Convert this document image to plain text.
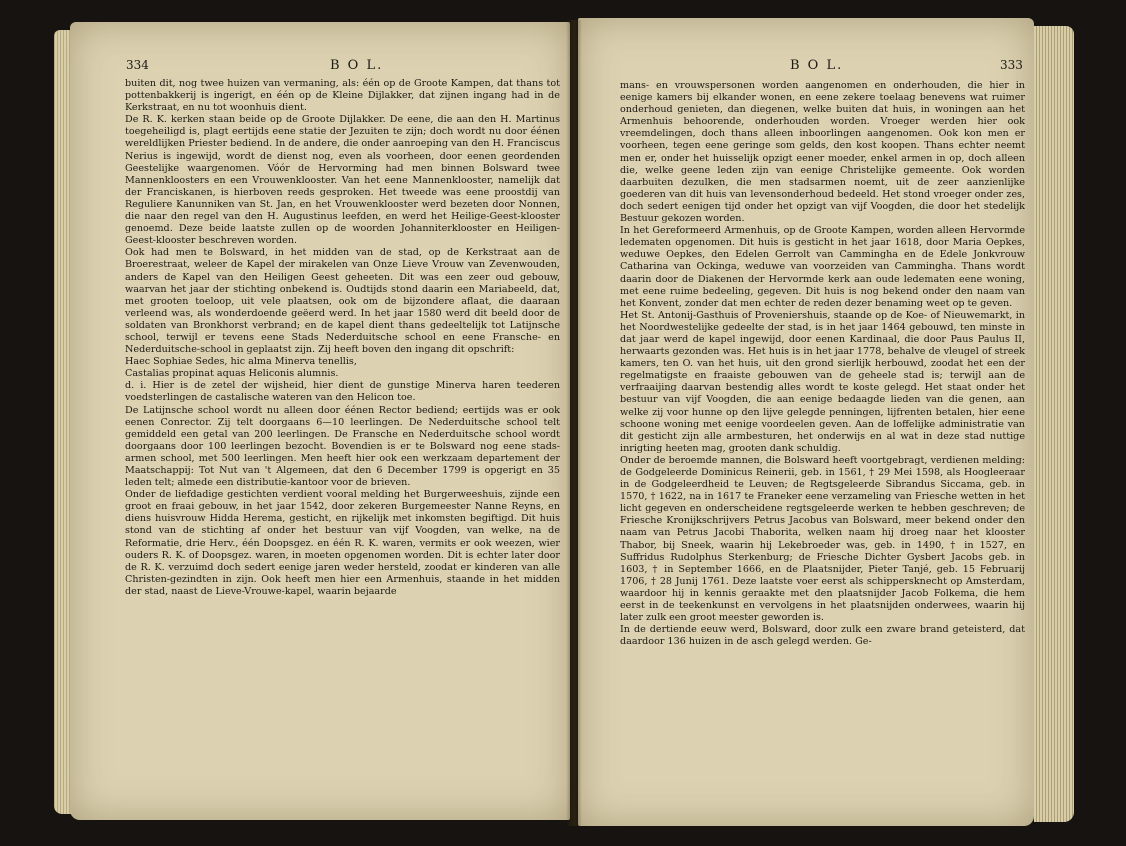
334	B O L.
buiten dit, nog twee huizen van vermaning, als: één op de Groote Kampen, dat thans tot pottenbakkerij is ingerigt, en één op de Kleine Dijlakker, dat zijnen ingang had in de Kerkstraat, en nu tot woonhuis dient.
De R. K. kerken staan beide op de Groote Dijlakker. De eene, die aan den H. Martinus toegeheiligd is, plagt eertijds eene statie der Jezuiten te zijn; doch wordt nu door éénen wereldlijken Priester bediend. In de andere, die onder aanroeping van den H. Franciscus Nerius is ingewijd, wordt de dienst nog, even als voorheen, door eenen geordenden Geestelijke waargenomen. Vóór de Hervorming had men binnen Bolsward twee Mannenkloosters en een Vrouwenklooster. Van het eene Mannenklooster, namelijk dat der Franciskanen, is hierboven reeds gesproken. Het tweede was eene proostdij van Reguliere Kanunniken van St. Jan, en het Vrouwenklooster werd bezeten door Nonnen, die naar den regel van den H. Augustinus leefden, en werd het Heilige-Geest-klooster genoemd. Deze beide laatste zullen op de woorden Johanniterklooster en Heiligen-Geest-klooster beschreven worden.
Ook had men te Bolsward, in het midden van de stad, op de Kerkstraat aan de Broerestraat, weleer de Kapel der mirakelen van Onze Lieve Vrouw van Zevenwouden, anders de Kapel van den Heiligen Geest geheeten. Dit was een zeer oud gebouw, waarvan het jaar der stichting onbekend is. Oudtijds stond daarin een Mariabeeld, dat, met grooten toeloop, uit vele plaatsen, ook om de bijzondere aflaat, die daaraan verleend was, als wonderdoende geëerd werd. In het jaar 1580 werd dit beeld door de soldaten van Bronkhorst verbrand; en de kapel dient thans gedeeltelijk tot Latijnsche school, terwijl er tevens eene Stads Nederduitsche school en eene Fransche- en Nederduitsche-school in geplaatst zijn. Zij heeft boven den ingang dit opschrift:
Haec Sophiae Sedes, hic alma Minerva tenellis,
Castalias propinat aquas Heliconis alumnis.
d. i. Hier is de zetel der wijsheid, hier dient de gunstige Minerva haren teederen voedsterlingen de castalische wateren van den Helicon toe.
De Latijnsche school wordt nu alleen door éénen Rector bediend; eertijds was er ook eenen Conrector. Zij telt doorgaans 6—10 leerlingen. De Nederduitsche school telt gemiddeld een getal van 200 leerlingen. De Fransche en Nederduitsche school wordt doorgaans door 100 leerlingen bezocht. Bovendien is er te Bolsward nog eene stads-armen school, met 500 leerlingen. Men heeft hier ook een werkzaam departement der Maatschappij: Tot Nut van 't Algemeen, dat den 6 December 1799 is opgerigt en 35 leden telt; almede een distributie-kantoor voor de brieven.
Onder de liefdadige gestichten verdient vooral melding het Burgerweeshuis, zijnde een groot en fraai gebouw, in het jaar 1542, door zekeren Burgemeester Nanne Reyns, en diens huisvrouw Hidda Herema, gesticht, en rijkelijk met inkomsten begiftigd. Dit huis stond van de stichting af onder het bestuur van vijf Voogden, van welke, na de Reformatie, drie Herv., één Doopsgez. en één R. K. waren, vermits er ook weezen, wier ouders R. K. of Doopsgez. waren, in moeten opgenomen worden. Dit is echter later door de R. K. verzuimd doch sedert eenige jaren weder hersteld, zoodat er kinderen van alle Christen-gezindten in zijn. Ook heeft men hier een Armenhuis, staande in het midden der stad, naast de Lieve-Vrouwe-kapel, waarin bejaarde
B O L.	333
mans- en vrouwspersonen worden aangenomen en onderhouden, die hier in eenige kamers bij elkander wonen, en eene zekere toelaag benevens wat ruimer onderhoud genieten, dan diegenen, welke buiten dat huis, in woningen aan het Armenhuis behoorende, onderhouden worden. Vroeger werden hier ook vreemdelingen, doch thans alleen inboorlingen aangenomen. Ook kon men er voorheen, tegen eene geringe som gelds, den kost koopen. Thans echter neemt men er, onder het huisselijk opzigt eener moeder, enkel armen in op, doch alleen die, welke geene leden zijn van eenige Christelijke gemeente. Ook worden daarbuiten dezulken, die men stadsarmen noemt, uit de zeer aanzienlijke goederen van dit huis van levensonderhoud bedeeld. Het stond vroeger onder zes, doch sedert eenigen tijd onder het opzigt van vijf Voogden, die door het stedelijk Bestuur gekozen worden.
In het Gereformeerd Armenhuis, op de Groote Kampen, worden alleen Hervormde ledematen opgenomen. Dit huis is gesticht in het jaar 1618, door Maria Oepkes, weduwe Oepkes, den Edelen Gerrolt van Cammingha en de Edele Jonkvrouw Catharina van Ockinga, weduwe van voorzeiden van Cammingha. Thans wordt daarin door de Diakenen der Hervormde kerk aan oude ledematen eene woning, met eene ruime bedeeling, gegeven. Dit huis is nog bekend onder den naam van het Konvent, zonder dat men echter de reden dezer benaming weet op te geven.
Het St. Antonij-Gasthuis of Proveniershuis, staande op de Koe- of Nieuwemarkt, in het Noordwestelijke gedeelte der stad, is in het jaar 1464 gebouwd, ten minste in dat jaar werd de kapel ingewijd, door eenen Kardinaal, die door Paus Paulus II, herwaarts gezonden was. Het huis is in het jaar 1778, behalve de vleugel of streek kamers, ten O. van het huis, uit den grond sierlijk herbouwd, zoodat het een der regelmatigste en fraaiste gebouwen van de geheele stad is; terwijl aan de verfraaijing daarvan bestendig alles wordt te koste gelegd. Het staat onder het bestuur van vijf Voogden, die aan eenige bedaagde lieden van die genen, aan welke zij voor hunne op den lijve gelegde penningen, lijfrenten betalen, hier eene schoone woning met eenige voordeelen geven. Aan de loffelijke administratie van dit gesticht zijn alle armbesturen, het onderwijs en al wat in deze stad nuttige inrigting heeten mag, grooten dank schuldig.
Onder de beroemde mannen, die Bolsward heeft voortgebragt, verdienen melding: de Godgeleerde Dominicus Reinerii, geb. in 1561, † 29 Mei 1598, als Hoogleeraar in de Godgeleerdheid te Leuven; de Regtsgeleerde Sibrandus Siccama, geb. in 1570, † 1622, na in 1617 te Franeker eene verzameling van Friesche wetten in het licht gegeven en onderscheidene regtsgeleerde werken te hebben geschreven; de Friesche Kronijkschrijvers Petrus Jacobus van Bolsward, meer bekend onder den naam van Petrus Jacobi Thaborita, welken naam hij droeg naar het klooster Thabor, bij Sneek, waarin hij Lekebroeder was, geb. in 1490, † in 1527, en Suffridus Rudolphus Sterkenburg; de Friesche Dichter Gysbert Jacobs geb. in 1603, † in September 1666, en de Plaatsnijder, Pieter Tanjé, geb. 15 Februarij 1706, † 28 Junij 1761. Deze laatste voer eerst als schippersknecht op Amsterdam, waardoor hij in kennis geraakte met den plaatsnijder Jacob Folkema, die hem eerst in de teekenkunst en vervolgens in het plaatsnijden onderwees, waarin hij later zulk een groot meester geworden is.
In de dertiende eeuw werd, Bolsward, door zulk een zware brand geteisterd, dat daardoor 136 huizen in de asch gelegd werden. Ge-
